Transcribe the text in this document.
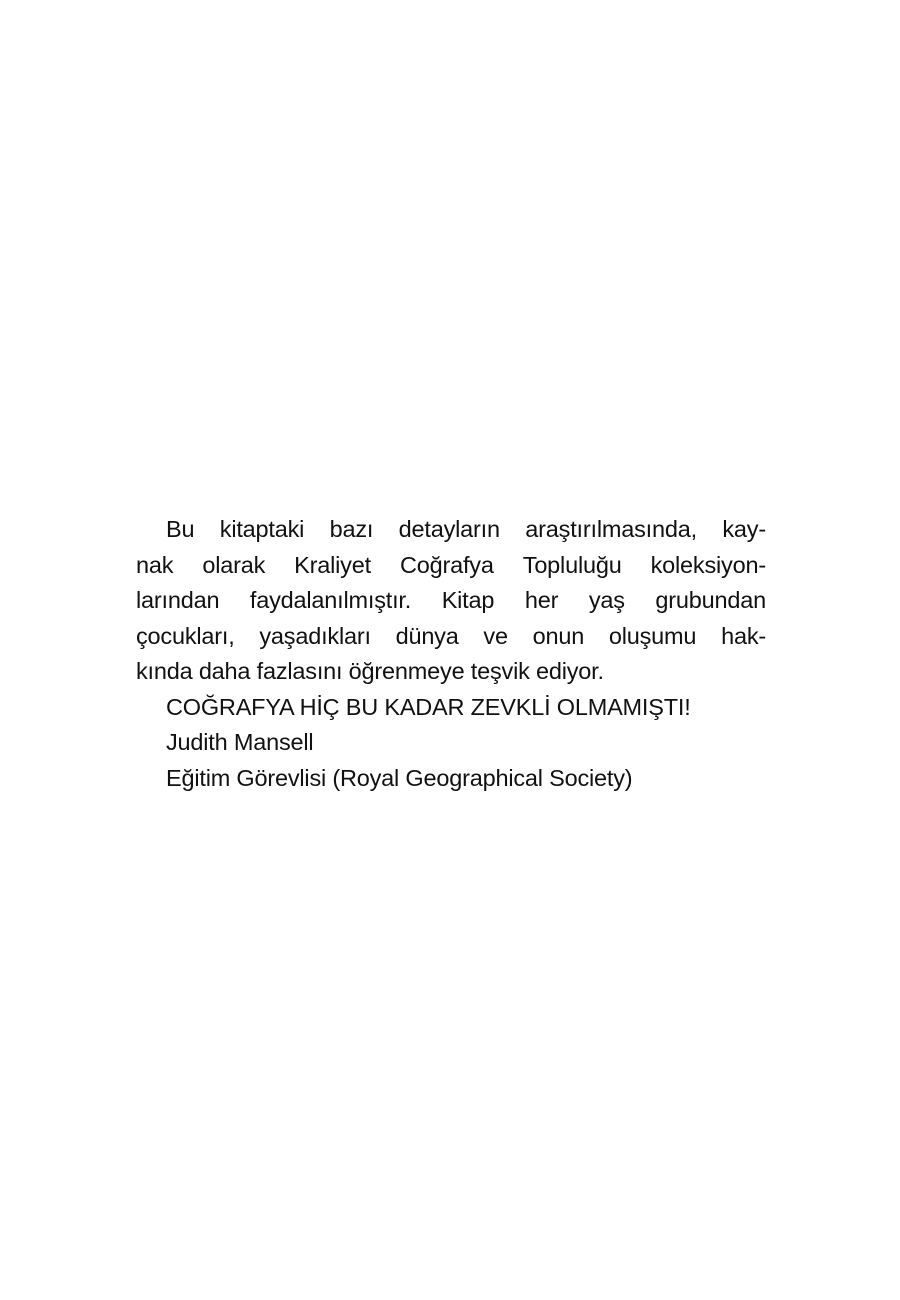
Bu kitaptaki bazı detayların araştırılmasında, kay-
nak olarak Kraliyet Coğrafya Topluluğu koleksiyon-
larından faydalanılmıştır. Kitap her yaş grubundan
çocukları, yaşadıkları dünya ve onun oluşumu hak-
kında daha fazlasını öğrenmeye teşvik ediyor.
COĞRAFYA HİÇ BU KADAR ZEVKLİ OLMAMIŞTI!
Judith Mansell
Eğitim Görevlisi (Royal Geographical Society)
